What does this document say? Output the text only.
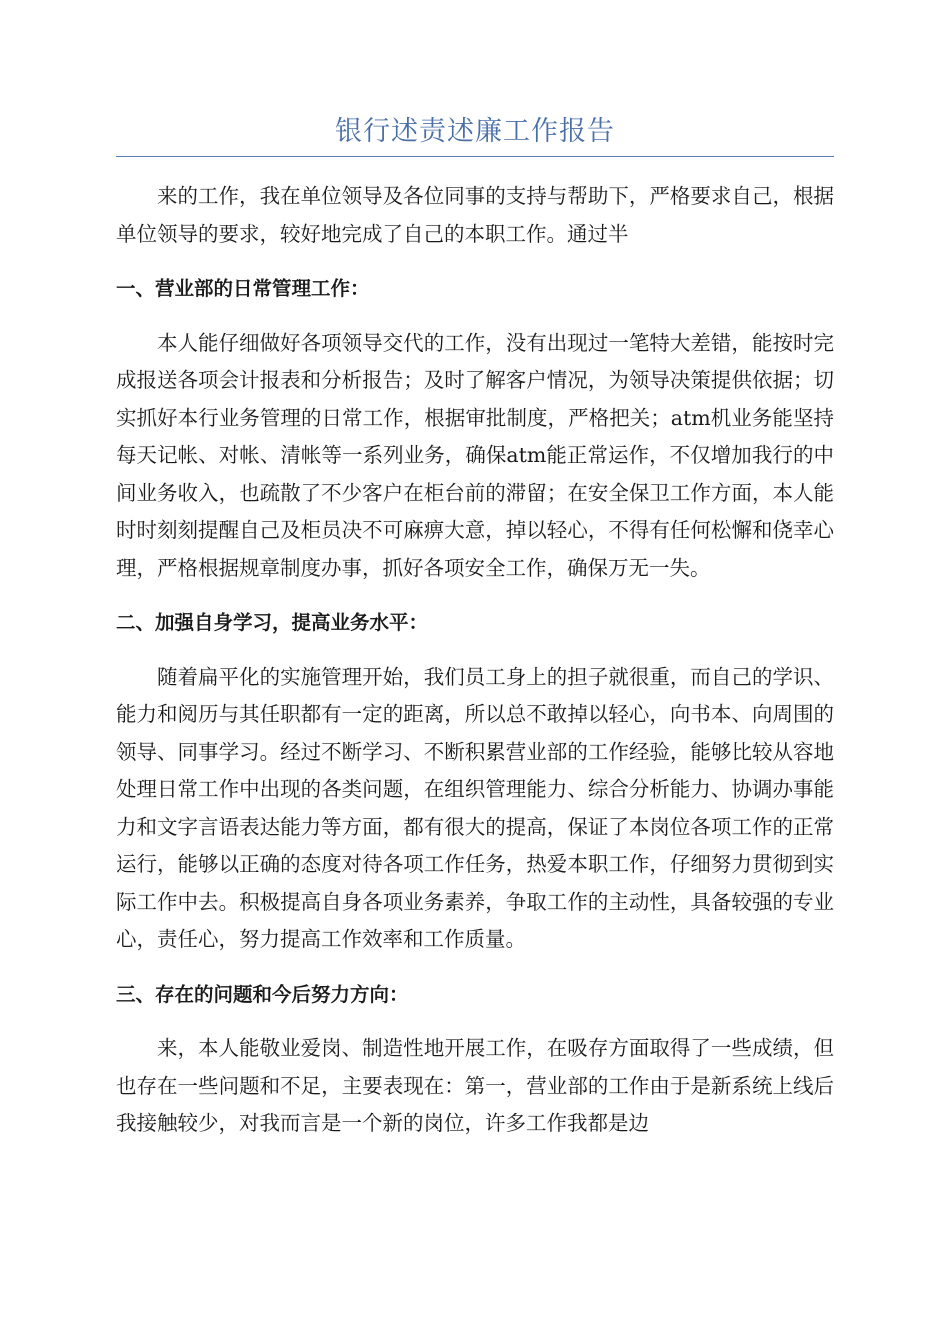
银行述责述廉工作报告

来的工作，我在单位领导及各位同事的支持与帮助下，严格要求自己，根据单位领导的要求，较好地完成了自己的本职工作。通过半

一、营业部的日常管理工作：

本人能仔细做好各项领导交代的工作，没有出现过一笔特大差错，能按时完成报送各项会计报表和分析报告；及时了解客户情况，为领导决策提供依据；切实抓好本行业务管理的日常工作，根据审批制度，严格把关；atm机业务能坚持每天记帐、对帐、清帐等一系列业务，确保atm能正常运作，不仅增加我行的中间业务收入，也疏散了不少客户在柜台前的滞留；在安全保卫工作方面，本人能时时刻刻提醒自己及柜员决不可麻痹大意，掉以轻心，不得有任何松懈和侥幸心理，严格根据规章制度办事，抓好各项安全工作，确保万无一失。

二、加强自身学习，提高业务水平：

随着扁平化的实施管理开始，我们员工身上的担子就很重，而自己的学识、能力和阅历与其任职都有一定的距离，所以总不敢掉以轻心，向书本、向周围的领导、同事学习。经过不断学习、不断积累营业部的工作经验，能够比较从容地处理日常工作中出现的各类问题，在组织管理能力、综合分析能力、协调办事能力和文字言语表达能力等方面，都有很大的提高，保证了本岗位各项工作的正常运行，能够以正确的态度对待各项工作任务，热爱本职工作，仔细努力贯彻到实际工作中去。积极提高自身各项业务素养，争取工作的主动性，具备较强的专业心，责任心，努力提高工作效率和工作质量。

三、存在的问题和今后努力方向：

来，本人能敬业爱岗、制造性地开展工作，在吸存方面取得了一些成绩，但也存在一些问题和不足，主要表现在：第一，营业部的工作由于是新系统上线后我接触较少，对我而言是一个新的岗位，许多工作我都是边
